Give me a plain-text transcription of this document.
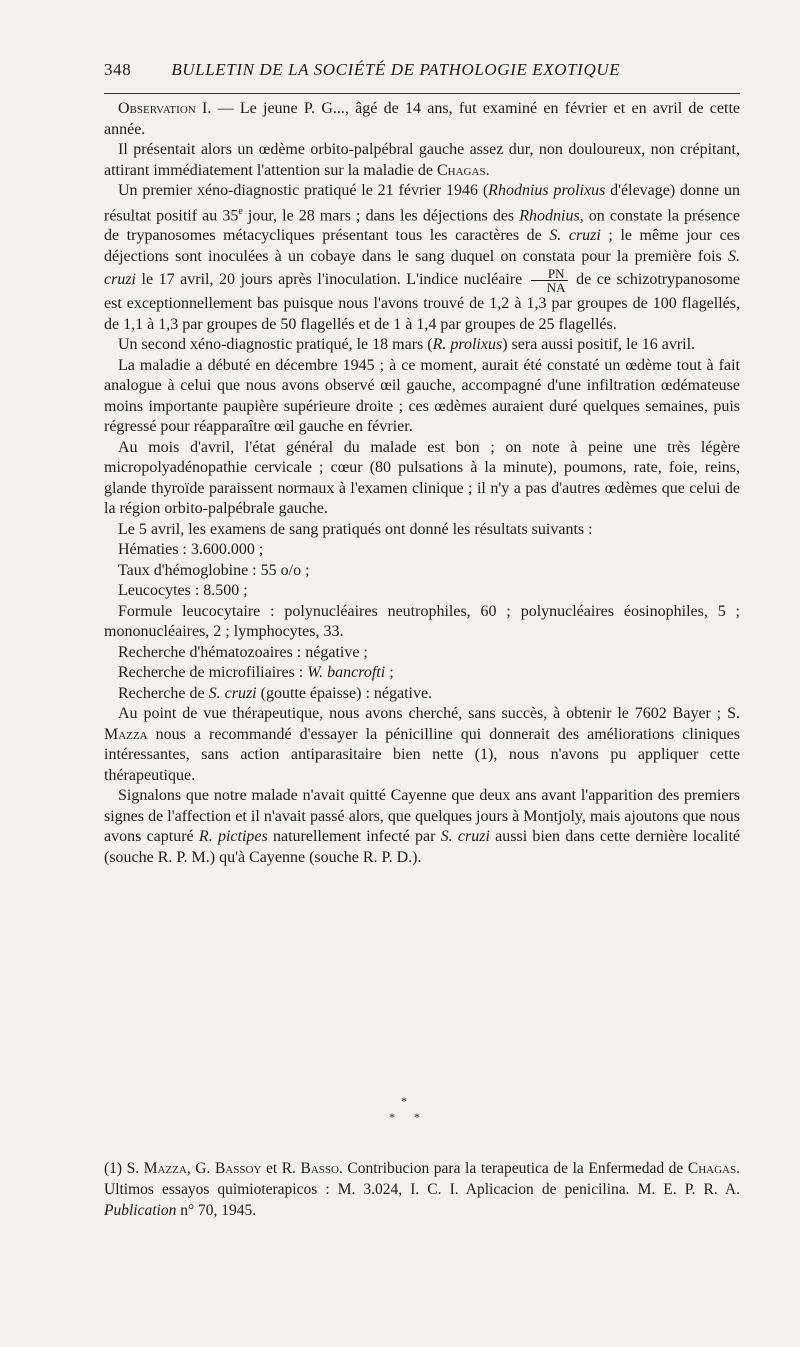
348 BULLETIN DE LA SOCIÉTÉ DE PATHOLOGIE EXOTIQUE

Observation I. — Le jeune P. G..., âgé de 14 ans, fut examiné en février et en avril de cette année.

Il présentait alors un œdème orbito-palpébral gauche assez dur, non douloureux, non crépitant, attirant immédiatement l'attention sur la maladie de Chagas.

Un premier xéno-diagnostic pratiqué le 21 février 1946 (Rhodnius prolixus d'élevage) donne un résultat positif au 35e jour, le 28 mars ; dans les déjections des Rhodnius, on constate la présence de trypanosomes métacycliques présentant tous les caractères de S. cruzi ; le même jour ces déjections sont inoculées à un cobaye dans le sang duquel on constata pour la première fois S. cruzi le 17 avril, 20 jours après l'inoculation. L'indice nucléaire $\frac{PN}{NA}$ de ce schizotrypanosome est exceptionnellement bas puisque nous l'avons trouvé de 1,2 à 1,3 par groupes de 100 flagellés, de 1,1 à 1,3 par groupes de 50 flagellés et de 1 à 1,4 par groupes de 25 flagellés.

Un second xéno-diagnostic pratiqué, le 18 mars (R. prolixus) sera aussi positif, le 16 avril.

La maladie a débuté en décembre 1945 ; à ce moment, aurait été constaté un œdème tout à fait analogue à celui que nous avons observé œil gauche, accompagné d'une infiltration œdémateuse moins importante paupière supérieure droite ; ces œdèmes auraient duré quelques semaines, puis régressé pour réapparaître œil gauche en février.

Au mois d'avril, l'état général du malade est bon ; on note à peine une très légère micropolyadénopathie cervicale ; cœur (80 pulsations à la minute), poumons, rate, foie, reins, glande thyroïde paraissent normaux à l'examen clinique ; il n'y a pas d'autres œdèmes que celui de la région orbito-palpébrale gauche.

Le 5 avril, les examens de sang pratiqués ont donné les résultats suivants :

Hématies : 3.600.000 ;

Taux d'hémoglobine : 55 o/o ;

Leucocytes : 8.500 ;

Formule leucocytaire : polynucléaires neutrophiles, 60 ; polynucléaires éosinophiles, 5 ; mononucléaires, 2 ; lymphocytes, 33.

Recherche d'hématozoaires : négative ;

Recherche de microfiliaires : W. bancrofti ;

Recherche de S. cruzi (goutte épaisse) : négative.

Au point de vue thérapeutique, nous avons cherché, sans succès, à obtenir le 7602 Bayer ; S. Mazza nous a recommandé d'essayer la pénicilline qui donnerait des améliorations cliniques intéressantes, sans action antiparasitaire bien nette (1), nous n'avons pu appliquer cette thérapeutique.

Signalons que notre malade n'avait quitté Cayenne que deux ans avant l'apparition des premiers signes de l'affection et il n'avait passé alors, que quelques jours à Montjoly, mais ajoutons que nous avons capturé R. pictipes naturellement infecté par S. cruzi aussi bien dans cette dernière localité (souche R. P. M.) qu'à Cayenne (souche R. P. D.).

*
* *

(1) S. Mazza, G. Bassoy et R. Basso. Contribucion para la terapeutica de la Enfermedad de Chagas. Ultimos essayos quimioterapicos : M. 3.024, I. C. I. Aplicacion de penicilina. M. E. P. R. A. Publication n° 70, 1945.
